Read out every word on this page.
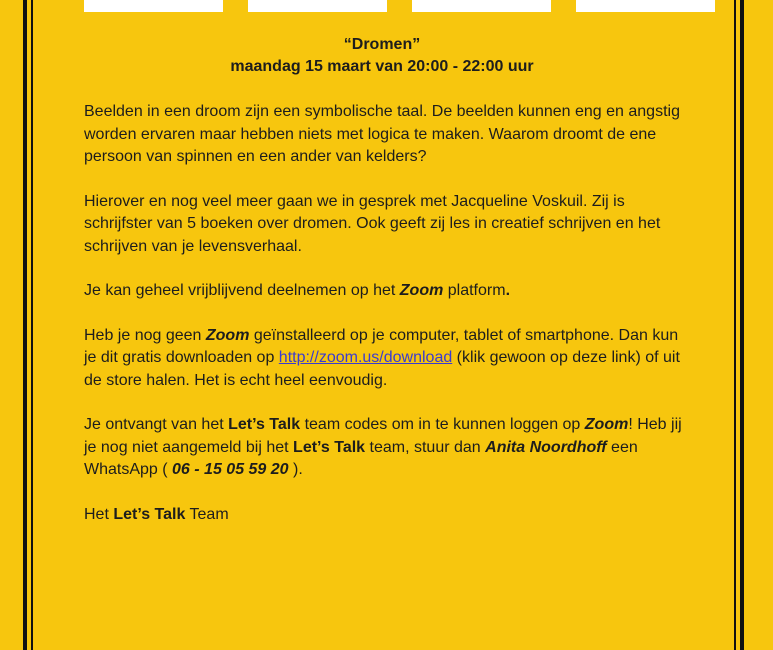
“Dromen”
maandag 15 maart van 20:00 - 22:00 uur

Beelden in een droom zijn een symbolische taal. De beelden kunnen eng en angstig worden ervaren maar hebben niets met logica te maken. Waarom droomt de ene persoon van spinnen en een ander van kelders?

Hierover en nog veel meer gaan we in gesprek met Jacqueline Voskuil. Zij is schrijfster van 5 boeken over dromen. Ook geeft zij les in creatief schrijven en het schrijven van je levensverhaal.

Je kan geheel vrijblijvend deelnemen op het Zoom platform.

Heb je nog geen Zoom geïnstalleerd op je computer, tablet of smartphone. Dan kun je dit gratis downloaden op http://zoom.us/download (klik gewoon op deze link) of uit de store halen. Het is echt heel eenvoudig.

Je ontvangt van het Let’s Talk team codes om in te kunnen loggen op Zoom! Heb jij je nog niet aangemeld bij het Let’s Talk team, stuur dan Anita Noordhoff een WhatsApp ( 06 - 15 05 59 20 ).

Het Let’s Talk Team
